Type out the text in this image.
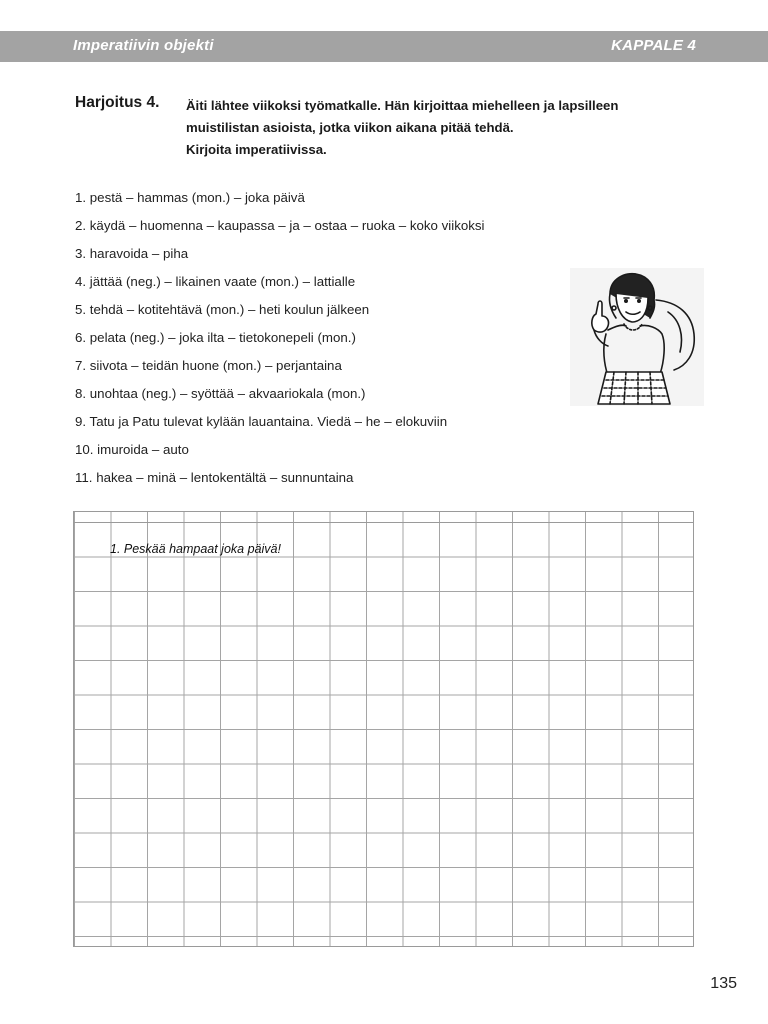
Imperatiivin objekti	KAPPALE 4
Harjoitus 4. Äiti lähtee viikoksi työmatkalle. Hän kirjoittaa miehelleen ja lapsilleen
muistilistan asioista, jotka viikon aikana pitää tehdä.
Kirjoita imperatiivissa.
1. pestä – hammas (mon.) – joka päivä
2. käydä – huomenna – kaupassa – ja – ostaa – ruoka – koko viikoksi
3. haravoida – piha
4. jättää (neg.) – likainen vaate (mon.) – lattialle
5. tehdä – kotitehtävä (mon.) – heti koulun jälkeen
6. pelata (neg.) – joka ilta – tietokonepeli (mon.)
7. siivota – teidän huone (mon.) – perjantaina
8. unohtaa (neg.) – syöttää – akvaariokala (mon.)
9. Tatu ja Patu tulevat kylään lauantaina. Viedä – he – elokuviin
10. imuroida – auto
11. hakea – minä – lentokentältä – sunnuntaina
1. Peskää hampaat joka päivä!
135
